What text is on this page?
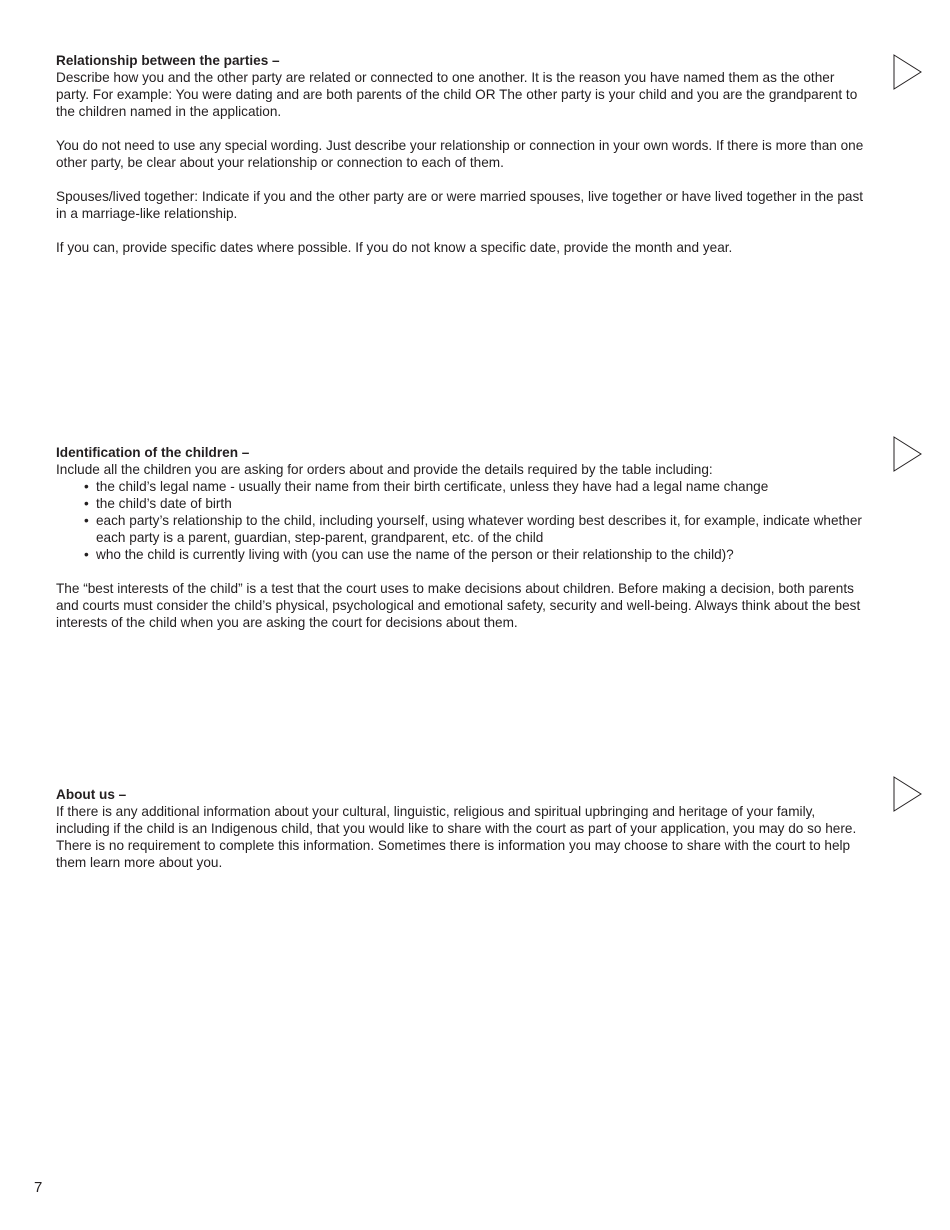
Relationship between the parties –

Describe how you and the other party are related or connected to one another. It is the reason you have named them as the other party. For example: You were dating and are both parents of the child OR The other party is your child and you are the grandparent to the children named in the application.

You do not need to use any special wording. Just describe your relationship or connection in your own words. If there is more than one other party, be clear about your relationship or connection to each of them.

Spouses/lived together: Indicate if you and the other party are or were married spouses, live together or have lived together in the past in a marriage-like relationship.

If you can, provide specific dates where possible. If you do not know a specific date, provide the month and year.

Identification of the children –

Include all the children you are asking for orders about and provide the details required by the table including:

• the child’s legal name - usually their name from their birth certificate, unless they have had a legal name change
• the child’s date of birth
• each party’s relationship to the child, including yourself, using whatever wording best describes it, for example, indicate whether each party is a parent, guardian, step-parent, grandparent, etc. of the child
• who the child is currently living with (you can use the name of the person or their relationship to the child)?

The “best interests of the child” is a test that the court uses to make decisions about children. Before making a decision, both parents and courts must consider the child’s physical, psychological and emotional safety, security and well-being. Always think about the best interests of the child when you are asking the court for decisions about them.

About us –

If there is any additional information about your cultural, linguistic, religious and spiritual upbringing and heritage of your family, including if the child is an Indigenous child, that you would like to share with the court as part of your application, you may do so here. There is no requirement to complete this information. Sometimes there is information you may choose to share with the court to help them learn more about you.

7
